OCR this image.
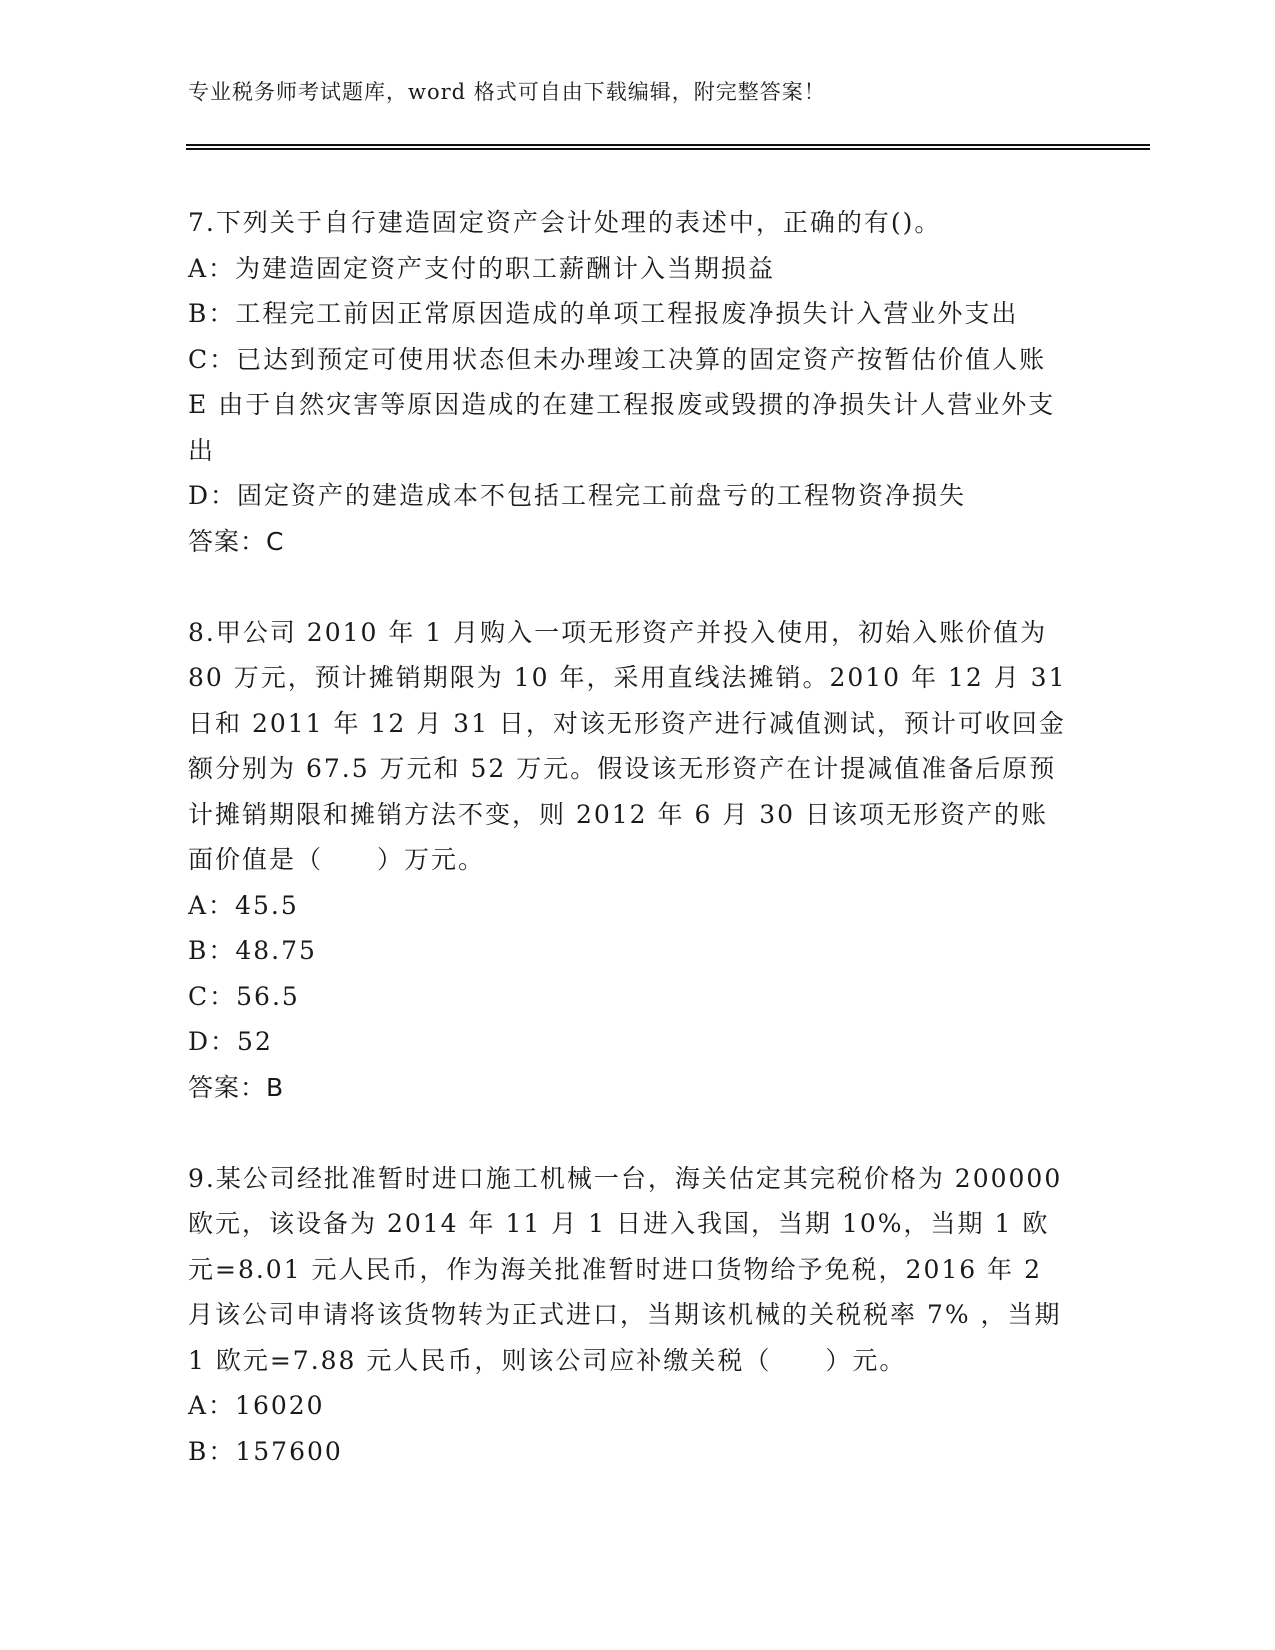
专业税务师考试题库，word 格式可自由下载编辑，附完整答案！
7.下列关于自行建造固定资产会计处理的表述中，正确的有()。
A：为建造固定资产支付的职工薪酬计入当期损益
B：工程完工前因正常原因造成的单项工程报废净损失计入营业外支出
C：已达到预定可使用状态但未办理竣工决算的固定资产按暂估价值人账 E 由于自然灾害等原因造成的在建工程报废或毁掼的净损失计人营业外支出
D：固定资产的建造成本不包括工程完工前盘亏的工程物资净损失
答案：C
8.甲公司 2010 年 1 月购入一项无形资产并投入使用，初始入账价值为 80 万元，预计摊销期限为 10 年，采用直线法摊销。2010 年 12 月 31 日和 2011 年 12 月 31 日，对该无形资产进行减值测试，预计可收回金额分别为 67.5 万元和 52 万元。假设该无形资产在计提减值准备后原预计摊销期限和摊销方法不变，则 2012 年 6 月 30 日该项无形资产的账面价值是（　　）万元。
A：45.5
B：48.75
C：56.5
D：52
答案：B
9.某公司经批准暂时进口施工机械一台，海关估定其完税价格为 200000 欧元，该设备为 2014 年 11 月 1 日进入我国，当期 10%，当期 1 欧元=8.01 元人民币，作为海关批准暂时进口货物给予免税，2016 年 2 月该公司申请将该货物转为正式进口，当期该机械的关税税率 7% ，当期 1 欧元=7.88 元人民币，则该公司应补缴关税（　　）元。
A：16020
B：157600
